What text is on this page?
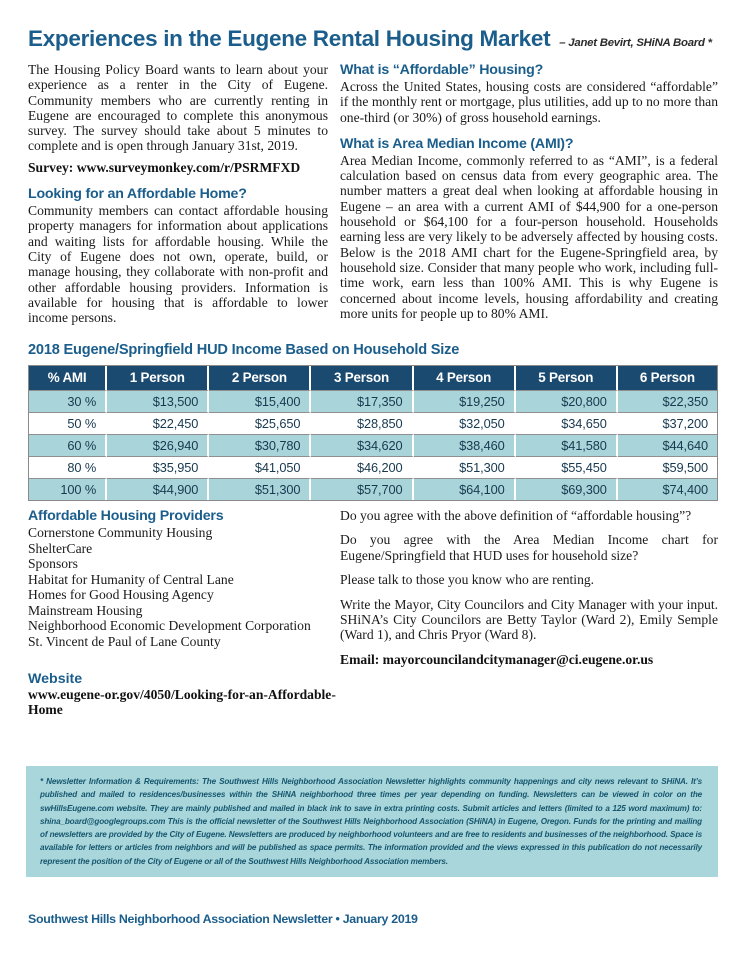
Experiences in the Eugene Rental Housing Market – Janet Bevirt, SHiNA Board *

The Housing Policy Board wants to learn about your experience as a renter in the City of Eugene. Community members who are currently renting in Eugene are encouraged to complete this anonymous survey. The survey should take about 5 minutes to complete and is open through January 31st, 2019.

Survey: www.surveymonkey.com/r/PSRMFXD

Looking for an Affordable Home?

Community members can contact affordable housing property managers for information about applications and waiting lists for affordable housing. While the City of Eugene does not own, operate, build, or manage housing, they collaborate with non-profit and other affordable housing providers. Information is available for housing that is affordable to lower income persons.

What is “Affordable” Housing?

Across the United States, housing costs are considered “affordable” if the monthly rent or mortgage, plus utilities, add up to no more than one-third (or 30%) of gross household earnings.

What is Area Median Income (AMI)?

Area Median Income, commonly referred to as “AMI”, is a federal calculation based on census data from every geographic area. The number matters a great deal when looking at affordable housing in Eugene – an area with a current AMI of $44,900 for a one-person household or $64,100 for a four-person household. Households earning less are very likely to be adversely affected by housing costs. Below is the 2018 AMI chart for the Eugene-Springfield area, by household size. Consider that many people who work, including full-time work, earn less than 100% AMI. This is why Eugene is concerned about income levels, housing affordability and creating more units for people up to 80% AMI.

2018 Eugene/Springfield HUD Income Based on Household Size
% AMI	1 Person	2 Person	3 Person	4 Person	5 Person	6 Person
30 %	$13,500	$15,400	$17,350	$19,250	$20,800	$22,350
50 %	$22,450	$25,650	$28,850	$32,050	$34,650	$37,200
60 %	$26,940	$30,780	$34,620	$38,460	$41,580	$44,640
80 %	$35,950	$41,050	$46,200	$51,300	$55,450	$59,500
100 %	$44,900	$51,300	$57,700	$64,100	$69,300	$74,400
Affordable Housing Providers
Cornerstone Community Housing
ShelterCare
Sponsors
Habitat for Humanity of Central Lane
Homes for Good Housing Agency
Mainstream Housing
Neighborhood Economic Development Corporation
St. Vincent de Paul of Lane County
Website

www.eugene-or.gov/4050/Looking-for-an-Affordable-Home

Do you agree with the above definition of “affordable housing”?

Do you agree with the Area Median Income chart for Eugene/Springfield that HUD uses for household size?

Please talk to those you know who are renting.

Write the Mayor, City Councilors and City Manager with your input. SHiNA’s City Councilors are Betty Taylor (Ward 2), Emily Semple (Ward 1), and Chris Pryor (Ward 8).

Email: mayorcouncilandcitymanager@ci.eugene.or.us

* Newsletter Information & Requirements: The Southwest Hills Neighborhood Association Newsletter highlights community happenings and city news relevant to SHiNA. It’s published and mailed to residences/businesses within the SHiNA neighborhood three times per year depending on funding. Newsletters can be viewed in color on the swHillsEugene.com website. They are mainly published and mailed in black ink to save in extra printing costs. Submit articles and letters (limited to a 125 word maximum) to: shina_board@googlegroups.com This is the official newsletter of the Southwest Hills Neighborhood Association (SHiNA) in Eugene, Oregon. Funds for the printing and mailing of newsletters are provided by the City of Eugene. Newsletters are produced by neighborhood volunteers and are free to residents and businesses of the neighborhood. Space is available for letters or articles from neighbors and will be published as space permits. The information provided and the views expressed in this publication do not necessarily represent the position of the City of Eugene or all of the Southwest Hills Neighborhood Association members.

Southwest Hills Neighborhood Association Newsletter • January 2019
